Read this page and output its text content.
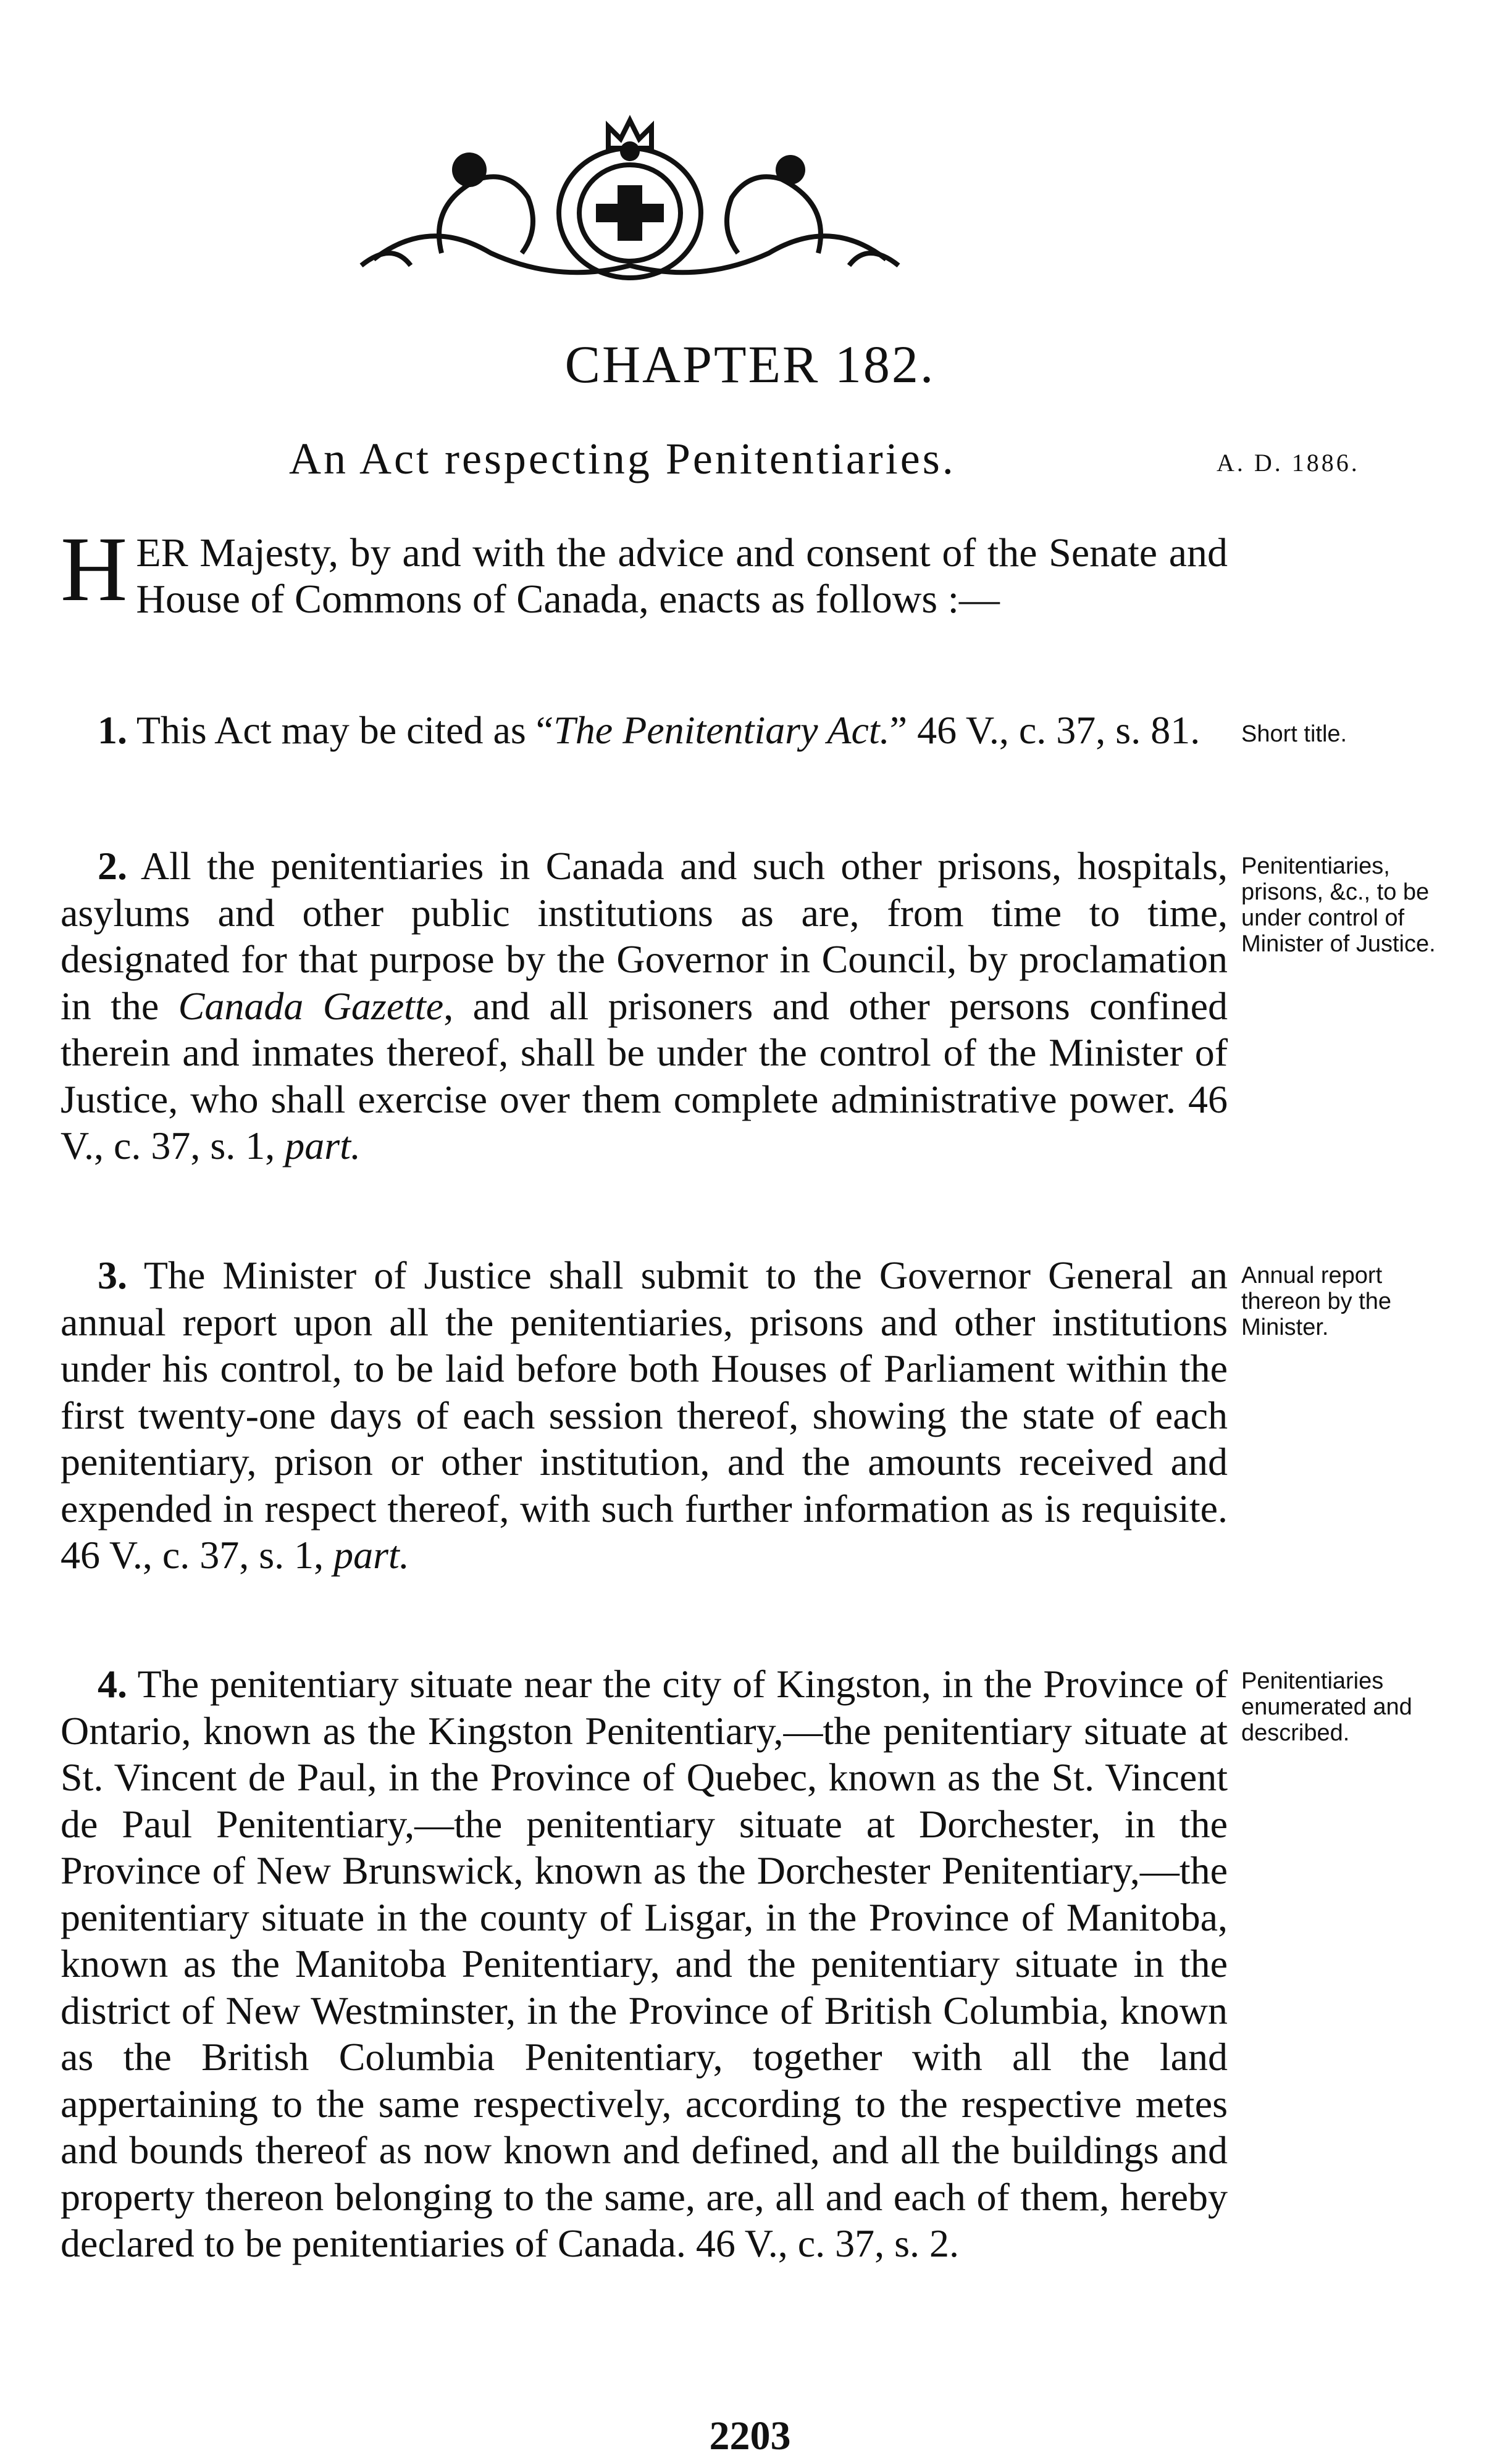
CHAPTER 182.
An Act respecting Penitentiaries.	A. D. 1886.
H ER Majesty, by and with the advice and consent of the Senate and House of Commons of Canada, enacts as follows :—
1. This Act may be cited as “The Penitentiary Act.” 46 V., c. 37, s. 81.	Short title.
2. All the penitentiaries in Canada and such other prisons, hospitals, asylums and other public institutions as are, from time to time, designated for that purpose by the Governor in Council, by proclamation in the Canada Gazette, and all prisoners and other persons confined therein and inmates thereof, shall be under the control of the Minister of Justice, who shall exercise over them complete administrative power. 46 V., c. 37, s. 1, part.
Penitentiaries, prisons, &c., to be under control of Minister of Justice.
3. The Minister of Justice shall submit to the Governor General an annual report upon all the penitentiaries, prisons and other institutions under his control, to be laid before both Houses of Parliament within the first twenty-one days of each session thereof, showing the state of each penitentiary, prison or other institution, and the amounts received and expended in respect thereof, with such further information as is requisite. 46 V., c. 37, s. 1, part.
Annual report thereon by the Minister.
4. The penitentiary situate near the city of Kingston, in the Province of Ontario, known as the Kingston Penitentiary,—the penitentiary situate at St. Vincent de Paul, in the Province of Quebec, known as the St. Vincent de Paul Penitentiary,—the penitentiary situate at Dorchester, in the Province of New Brunswick, known as the Dorchester Penitentiary,—the penitentiary situate in the county of Lisgar, in the Province of Manitoba, known as the Manitoba Penitentiary, and the penitentiary situate in the district of New Westminster, in the Province of British Columbia, known as the British Columbia Penitentiary, together with all the land appertaining to the same respectively, according to the respective metes and bounds thereof as now known and defined, and all the buildings and property thereon belonging to the same, are, all and each of them, hereby declared to be penitentiaries of Canada. 46 V., c. 37, s. 2.
Penitentiaries enumerated and described.
2203
